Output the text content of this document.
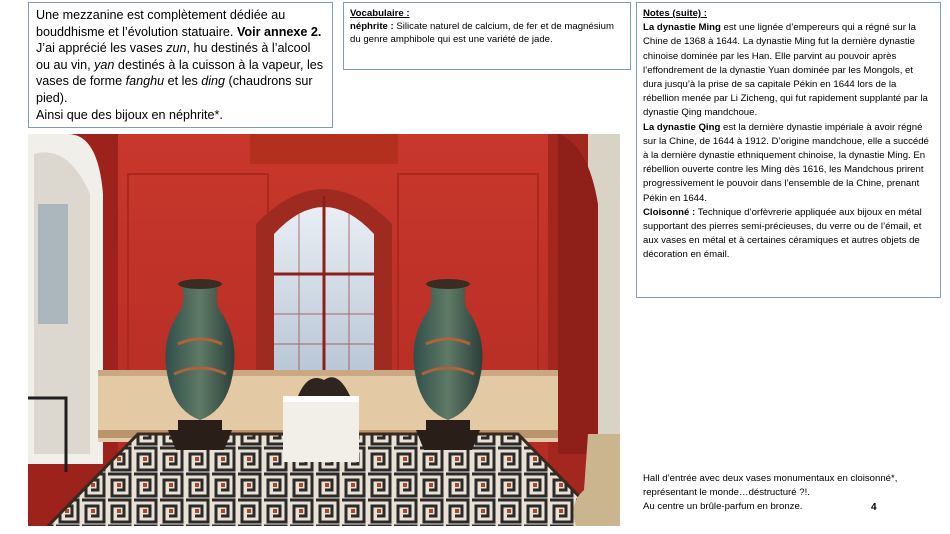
Une mezzanine est complètement dédiée au bouddhisme et l’évolution statuaire. Voir annexe 2.
J’ai apprécié les vases zun, hu destinés à l’alcool ou au vin, yan destinés à la cuisson à la vapeur, les vases de forme fanghu et les ding (chaudrons sur pied).
Ainsi que des bijoux en néphrite*.

Vocabulaire :

néphrite : Silicate naturel de calcium, de fer et de magnésium du genre amphibole qui est une variété de jade.

Notes (suite) :

La dynastie Ming est une lignée d’empereurs qui a régné sur la Chine de 1368 à 1644. La dynastie Ming fut la dernière dynastie chinoise dominée par les Han. Elle parvint au pouvoir après l’effondrement de la dynastie Yuan dominée par les Mongols, et dura jusqu’à la prise de sa capitale Pékin en 1644 lors de la rébellion menée par Li Zicheng, qui fut rapidement supplanté par la dynastie Qing mandchoue.

La dynastie Qing est la dernière dynastie impériale à avoir régné sur la Chine, de 1644 à 1912. D’origine mandchoue, elle a succédé à la dernière dynastie ethniquement chinoise, la dynastie Ming. En rébellion ouverte contre les Ming dès 1616, les Mandchous prirent progressivement le pouvoir dans l’ensemble de la Chine, prenant Pékin en 1644.

Cloisonné : Technique d’orfèvrerie appliquée aux bijoux en métal supportant des pierres semi-précieuses, du verre ou de l’émail, et aux vases en métal et à certaines céramiques et autres objets de décoration en émail.

Hall d’entrée avec deux vases monumentaux en cloisonné*, représentant le monde…déstructuré ?!.

Au centre un brûle-parfum en bronze.	4
